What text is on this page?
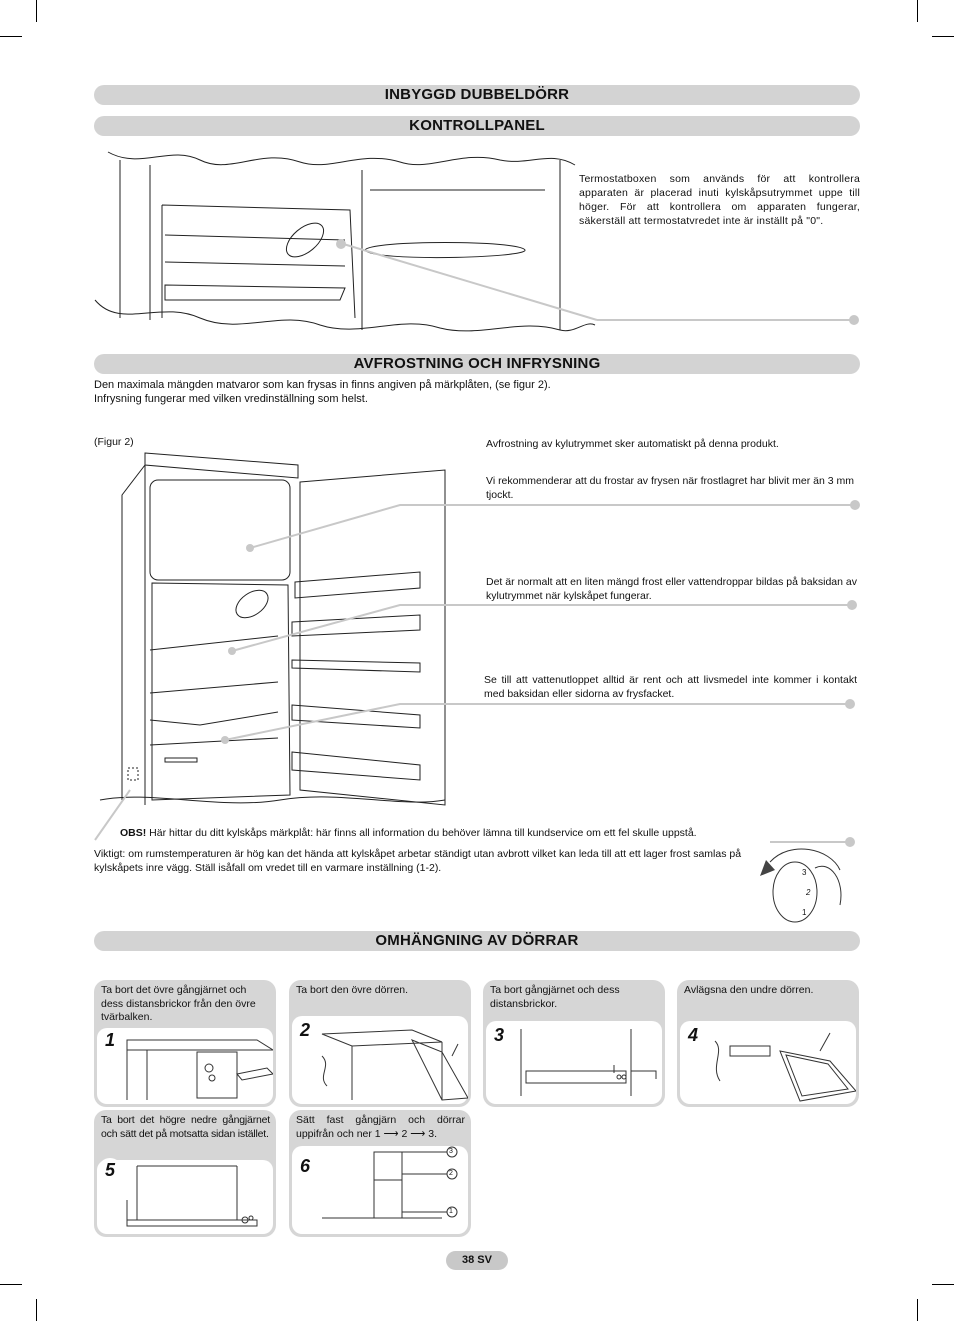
INBYGGD DUBBELDÖRR
KONTROLLPANEL
AVFROSTNING OCH INFRYSNING
OMHÄNGNING AV DÖRRAR
Termostatboxen som används för att kontrollera apparaten är placerad inuti kylskåpsutrymmet uppe till höger. För att kontrollera om apparaten fungerar, säkerställ att termostatvredet inte är inställt på "0".
Den maximala mängden matvaror som kan frysas in finns angiven på märkplåten, (se figur 2).
Infrysning fungerar med vilken vredinställning som helst.
(Figur 2)	Avfrostning av kylutrymmet sker automatiskt på denna produkt.
Vi rekommenderar att du frostar av frysen när frostlagret har blivit mer än 3 mm tjockt.
Det är normalt att en liten mängd frost eller vattendroppar bildas på baksidan av kylutrymmet när kylskåpet fungerar.
Se till att vattenutloppet alltid är rent och att livsmedel inte kommer i kontakt med baksidan eller sidorna av frysfacket.
OBS! Här hittar du ditt kylskåps märkplåt: här finns all information du behöver lämna till kundservice om ett fel skulle uppstå.
Viktigt: om rumstemperaturen är hög kan det hända att kylskåpet arbetar ständigt utan avbrott vilket kan leda till att ett lager frost samlas på kylskåpets inre vägg. Ställ isåfall om vredet till en varmare inställning (1-2).	3
2
1
Ta bort det övre gångjärnet och dess distansbrickor från den övre tvärbalken.
1
Ta bort den övre dörren.
2
Ta bort gångjärnet och dess distansbrickor.
3
Avlägsna den undre dörren.
4
Ta bort det högre nedre gångjärnet och sätt det på motsatta sidan istället.
5
Sätt fast gångjärn och dörrar uppifrån och ner 1 ⟶ 2 ⟶ 3.
3
2
1
6
38 SV
